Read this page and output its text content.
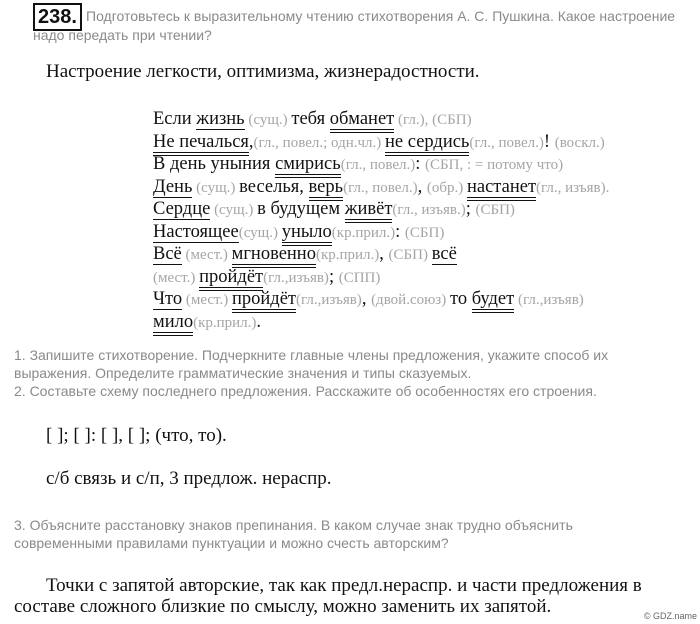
238. Подготовьтесь к выразительному чтению стихотворения А. С. Пушкина. Какое настроение
надо передать при чтении?
Настроение легкости, оптимизма, жизнерадостности.
Если жизнь (сущ.) тебя обманет (гл.), (СБП)
Не печалься,(гл., повел.; одн.чл.) не сердись(гл., повел.)! (воскл.)
В день уныния смирись(гл., повел.): (СБП, : = потому что)
День (сущ.) веселья, верь(гл., повел.), (обр.) настанет(гл., изъяв).
Сердце (сущ.) в будущем живёт(гл., изъяв.); (СБП)
Настоящее(сущ.) уныло(кр.прил.): (СБП)
Всё (мест.) мгновенно(кр.прил.), (СБП) всё
(мест.) пройдёт(гл.,изъяв); (СПП)
Что (мест.) пройдёт(гл.,изъяв), (двой.союз) то будет (гл.,изъяв)
мило(кр.прил.).
1. Запишите стихотворение. Подчеркните главные члены предложения, укажите способ их
выражения. Определите грамматические значения и типы сказуемых.
2. Составьте схему последнего предложения. Расскажите об особенностях его строения.
[ ]; [ ]: [ ], [ ]; (что, то).
с/б связь и с/п, 3 предлож. нераспр.
3. Объясните расстановку знаков препинания. В каком случае знак трудно объяснить
современными правилами пунктуации и можно счесть авторским?
Точки с запятой авторские, так как предл.нераспр. и части предложения в
составе сложного близкие по смыслу, можно заменить их запятой.	© GDZ.name
